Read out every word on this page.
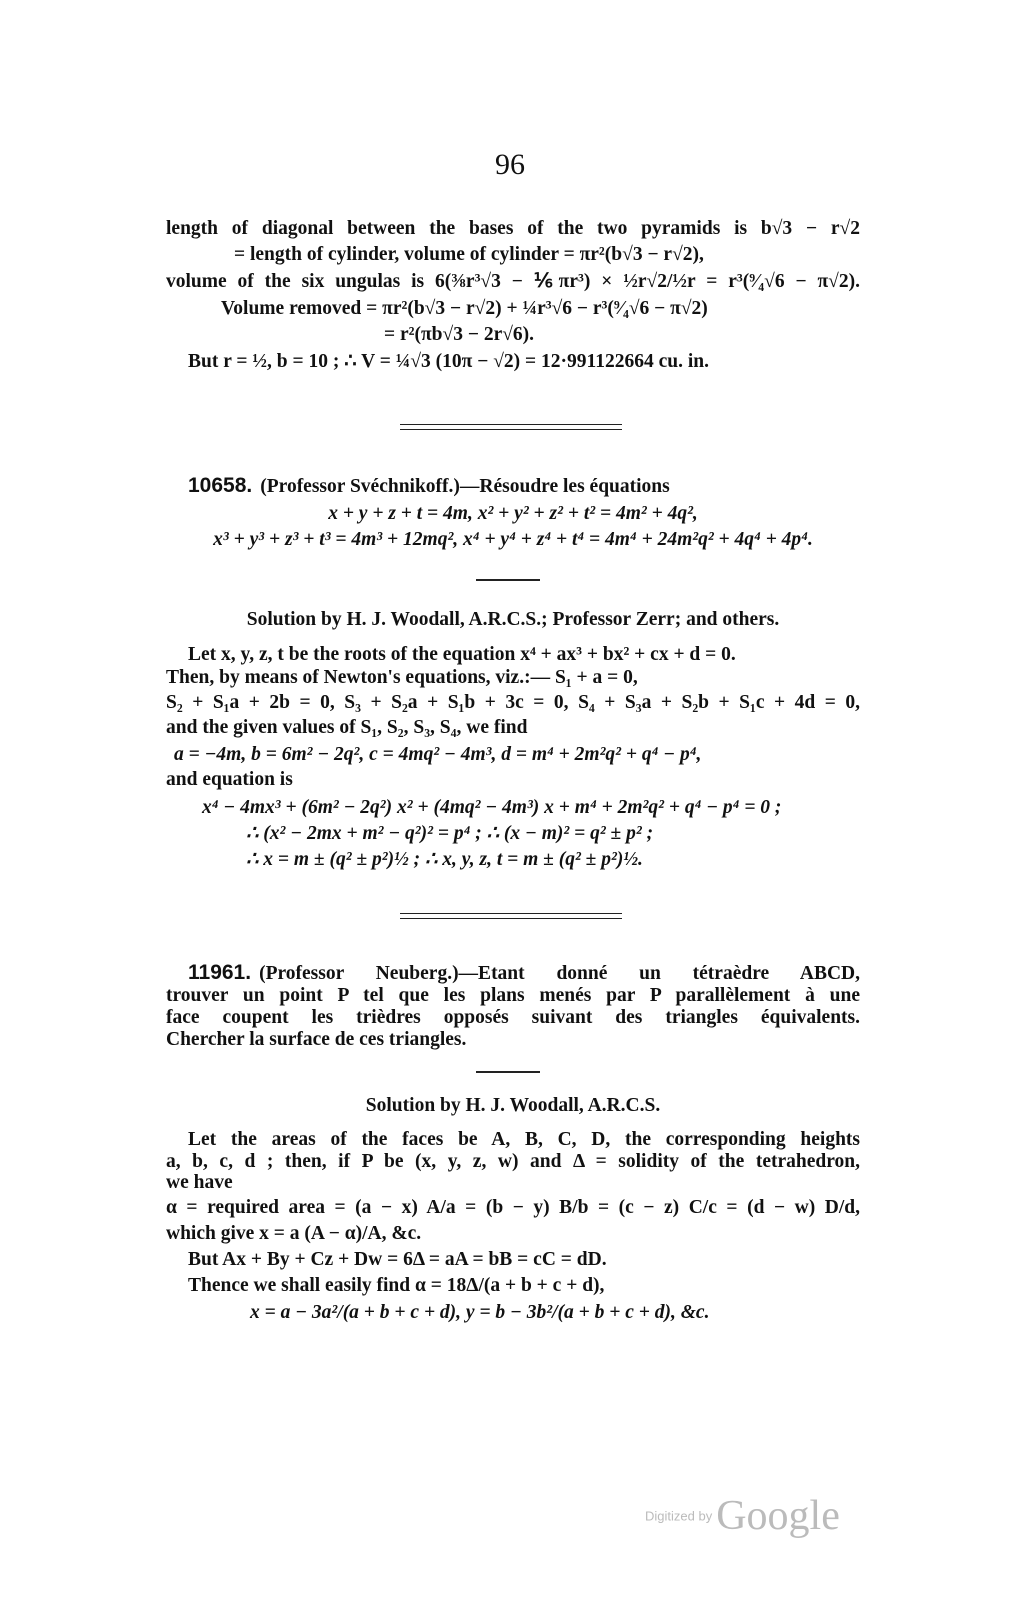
96
length of diagonal between the bases of the two pyramids is b√3 − r√2
= length of cylinder, volume of cylinder = πr²(b√3 − r√2),
volume of the six ungulas is 6(⅜r³√3 − ⅙πr³) × ½r√2/½r = r³(⁹⁄₄√6 − π√2).
Volume removed = πr²(b√3 − r√2) + ¼r³√6 − r³(⁹⁄₄√6 − π√2)
= r²(πb√3 − 2r√6).
But r = ½, b = 10 ; ∴ V = ¼√3 (10π − √2) = 12·991122664 cu. in.
10658. (Professor Svéchnikoff.)—Résoudre les équations
x + y + z + t = 4m, x² + y² + z² + t² = 4m² + 4q²,
x³ + y³ + z³ + t³ = 4m³ + 12mq², x⁴ + y⁴ + z⁴ + t⁴ = 4m⁴ + 24m²q² + 4q⁴ + 4p⁴.
Solution by H. J. Woodall, A.R.C.S.; Professor Zerr; and others.
Let x, y, z, t be the roots of the equation x⁴ + ax³ + bx² + cx + d = 0.
Then, by means of Newton's equations, viz.:— S₁ + a = 0,
S₂ + S₁a + 2b = 0, S₃ + S₂a + S₁b + 3c = 0, S₄ + S₃a + S₂b + S₁c + 4d = 0,
and the given values of S₁, S₂, S₃, S₄, we find
a = −4m, b = 6m² − 2q², c = 4mq² − 4m³, d = m⁴ + 2m²q² + q⁴ − p⁴,
and equation is
x⁴ − 4mx³ + (6m² − 2q²) x² + (4mq² − 4m³) x + m⁴ + 2m²q² + q⁴ − p⁴ = 0 ;
∴ (x² − 2mx + m² − q²)² = p⁴ ; ∴ (x − m)² = q² ± p² ;
∴ x = m ± (q² ± p²)½ ; ∴ x, y, z, t = m ± (q² ± p²)½.
11961. (Professor Neuberg.)—Etant donné un tétraèdre ABCD,
trouver un point P tel que les plans menés par P parallèlement à une
face coupent les trièdres opposés suivant des triangles équivalents.
Chercher la surface de ces triangles.
Solution by H. J. Woodall, A.R.C.S.
Let the areas of the faces be A, B, C, D, the corresponding heights
a, b, c, d ; then, if P be (x, y, z, w) and Δ = solidity of the tetrahedron,
we have
α = required area = (a − x) A/a = (b − y) B/b = (c − z) C/c = (d − w) D/d,
which give x = a (A − α)/A, &c.
But Ax + By + Cz + Dw = 6Δ = aA = bB = cC = dD.
Thence we shall easily find α = 18Δ/(a + b + c + d),
x = a − 3a²/(a + b + c + d), y = b − 3b²/(a + b + c + d), &c.
Digitized by Google
